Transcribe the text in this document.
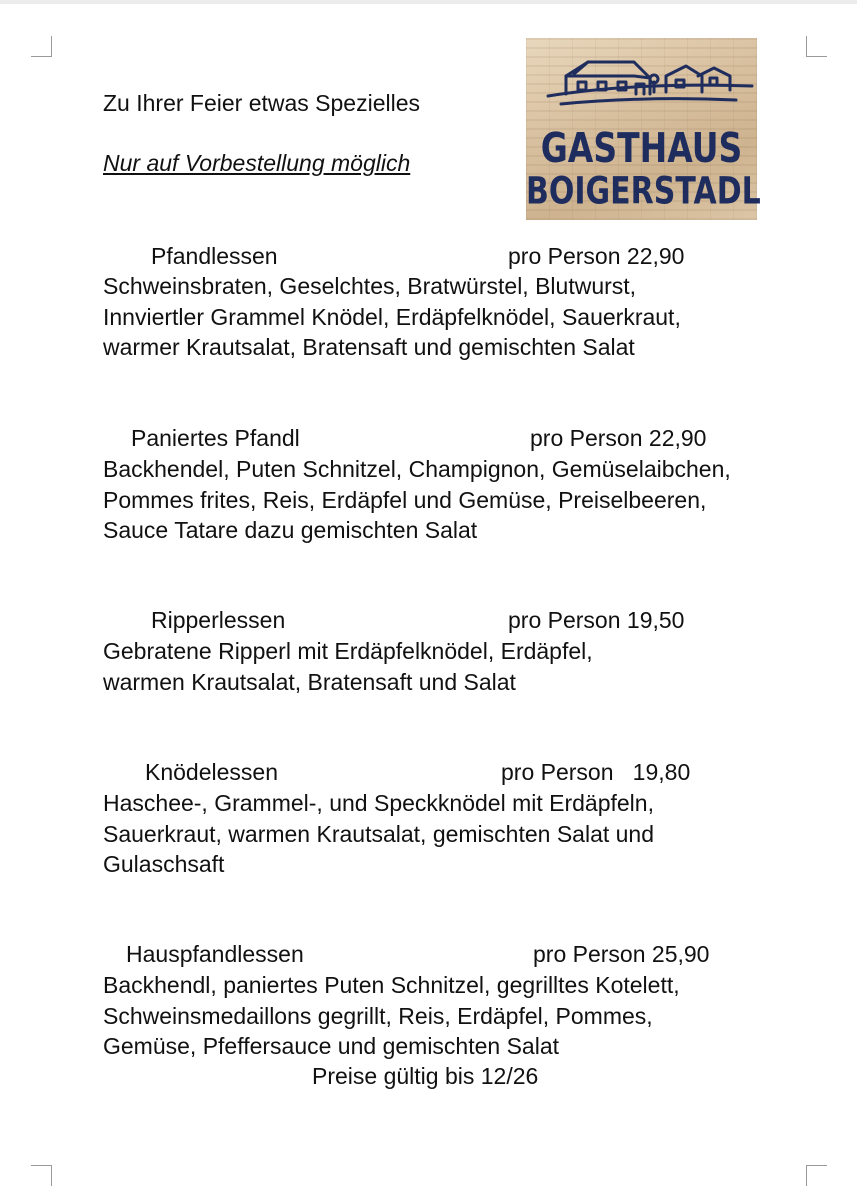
Zu Ihrer Feier etwas Spezielles
Nur auf Vorbestellung möglich	GASTHAUS
BOIGERSTADL
Pfandlessen	pro Person 22,90
Schweinsbraten, Geselchtes, Bratwürstel, Blutwurst,
Innviertler Grammel Knödel, Erdäpfelknödel, Sauerkraut,
warmer Krautsalat, Bratensaft und gemischten Salat
Paniertes Pfandl	pro Person 22,90
Backhendel, Puten Schnitzel, Champignon, Gemüselaibchen,
Pommes frites, Reis, Erdäpfel und Gemüse, Preiselbeeren,
Sauce Tatare dazu gemischten Salat
Ripperlessen	pro Person 19,50
Gebratene Ripperl mit Erdäpfelknödel, Erdäpfel,
warmen Krautsalat, Bratensaft und Salat
Knödelessen	pro Person   19,80
Haschee-, Grammel-, und Speckknödel mit Erdäpfeln,
Sauerkraut, warmen Krautsalat, gemischten Salat und
Gulaschsaft
Hauspfandlessen	pro Person 25,90
Backhendl, paniertes Puten Schnitzel, gegrilltes Kotelett,
Schweinsmedaillons gegrillt, Reis, Erdäpfel, Pommes,
Gemüse, Pfeffersauce und gemischten Salat
Preise gültig bis 12/26
